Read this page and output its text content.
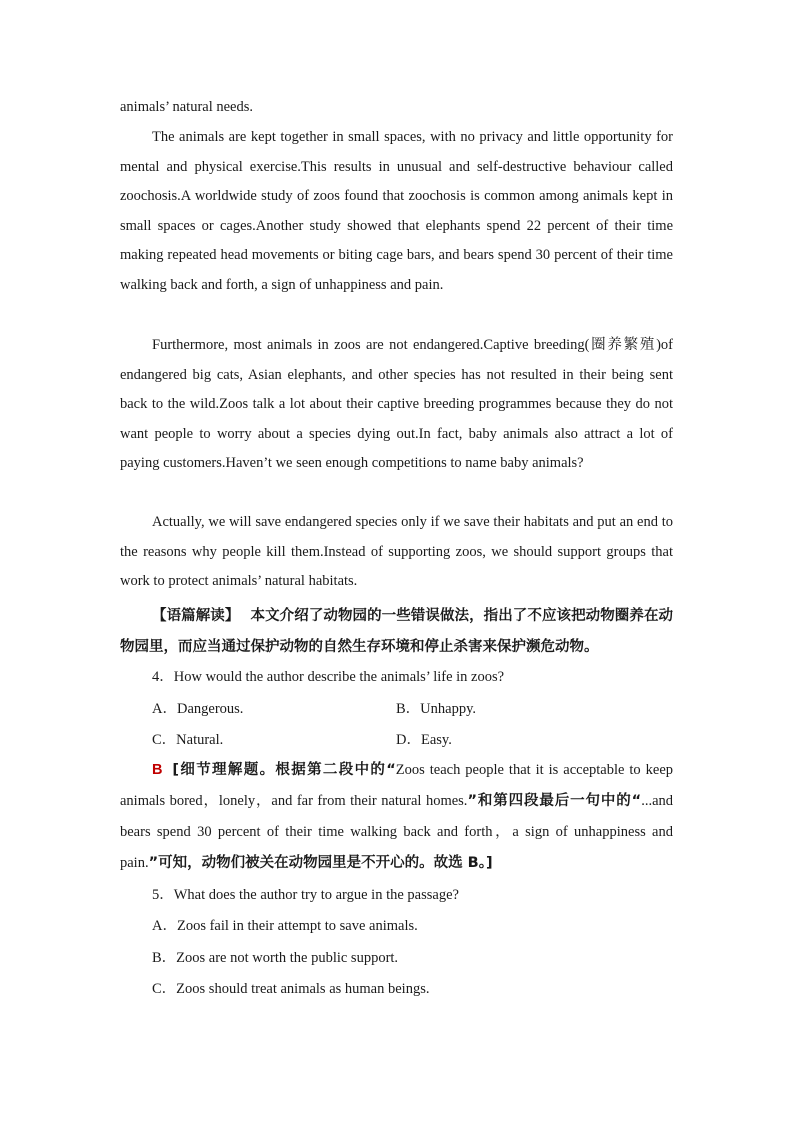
animals’ natural needs.

The animals are kept together in small spaces, with no privacy and little opportunity for mental and physical exercise.This results in unusual and self-destructive behaviour called zoochosis.A worldwide study of zoos found that zoochosis is common among animals kept in small spaces or cages.Another study showed that elephants spend 22 percent of their time making repeated head movements or biting cage bars, and bears spend 30 percent of their time walking back and forth, a sign of unhappiness and pain.

Furthermore, most animals in zoos are not endangered.Captive breeding(圈养繁殖)of endangered big cats, Asian elephants, and other species has not resulted in their being sent back to the wild.Zoos talk a lot about their captive breeding programmes because they do not want people to worry about a species dying out.In fact, baby animals also attract a lot of paying customers.Haven’t we seen enough competitions to name baby animals?

Actually, we will save endangered species only if we save their habitats and put an end to the reasons why people kill them.Instead of supporting zoos, we should support groups that work to protect animals’ natural habitats.

【语篇解读】 本文介绍了动物园的一些错误做法，指出了不应该把动物圈养在动物园里，而应当通过保护动物的自然生存环境和停止杀害来保护濒危动物。

4．How would the author describe the animals’ life in zoos?

A．Dangerous.	B．Unhappy.

C．Natural.	D．Easy.

B [细节理解题。根据第二段中的“Zoos teach people that it is acceptable to keep animals bored，lonely，and far from their natural homes.”和第四段最后一句中的“...and bears spend 30 percent of their time walking back and forth，a sign of unhappiness and pain.”可知，动物们被关在动物园里是不开心的。故选 B。]

5．What does the author try to argue in the passage?

A．Zoos fail in their attempt to save animals.

B．Zoos are not worth the public support.

C．Zoos should treat animals as human beings.
